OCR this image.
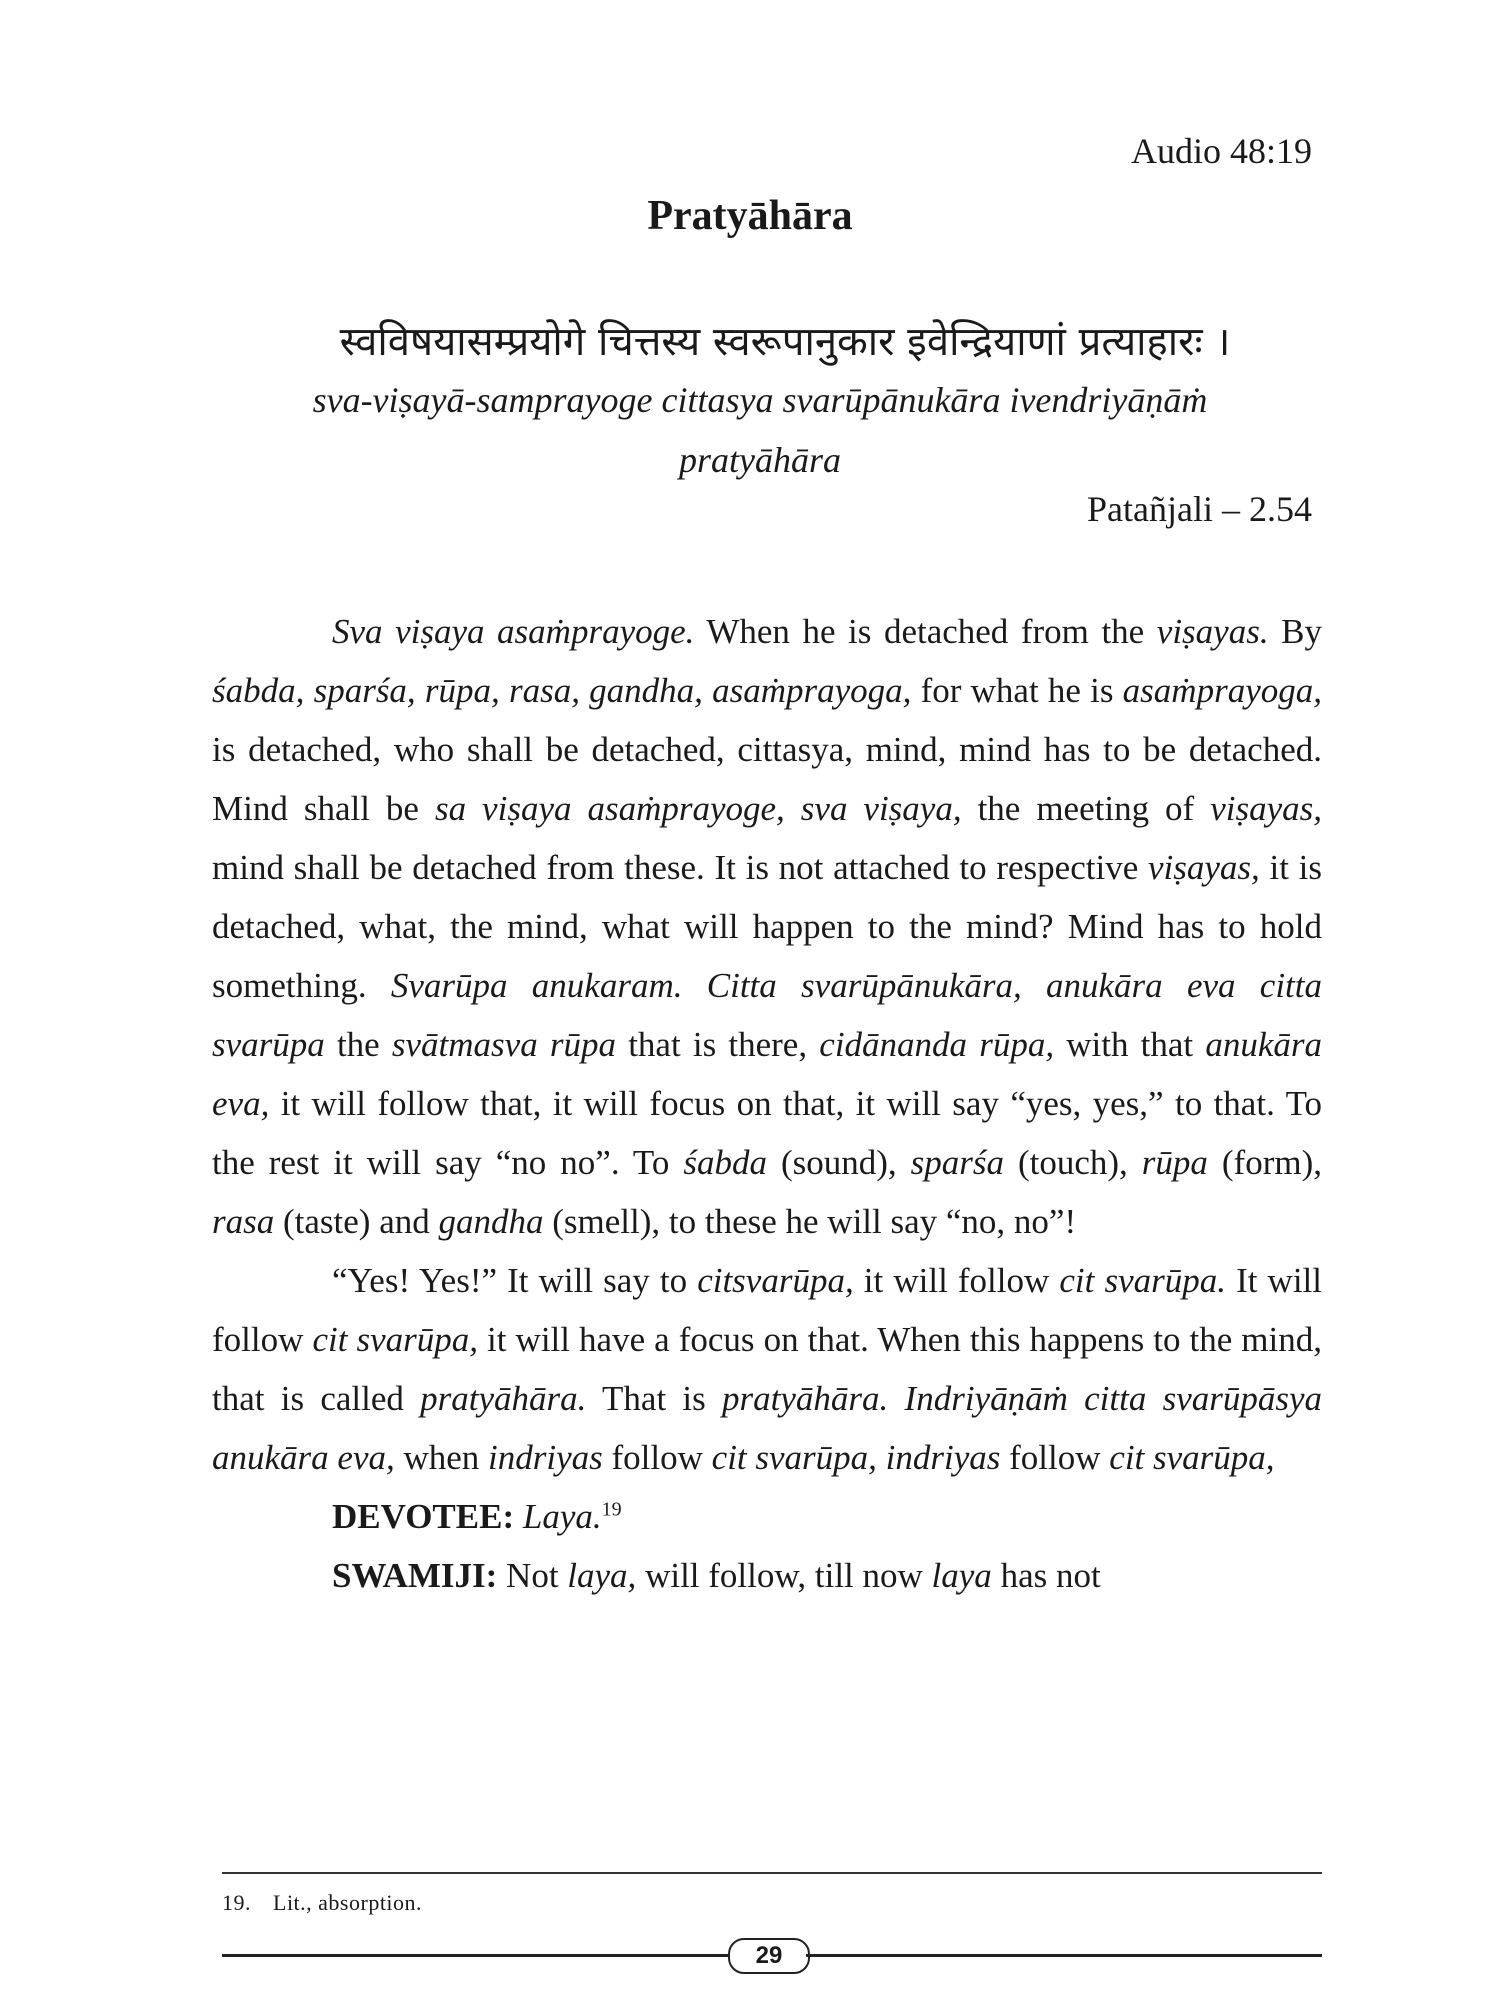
Audio 48:19
Pratyāhāra
स्वविषयासम्प्रयोगे चित्तस्य स्वरूपानुकार इवेन्द्रियाणां प्रत्याहारः ।
sva-viṣayā-samprayoge cittasya svarūpānukāra ivendriyāṇāṁ
pratyāhāra
Patañjali – 2.54

Sva viṣaya asaṁprayoge. When he is detached from the viṣayas. By śabda, sparśa, rūpa, rasa, gandha, asaṁprayoga, for what he is asaṁprayoga, is detached, who shall be detached, cittasya, mind, mind has to be detached. Mind shall be sa viṣaya asaṁprayoge, sva viṣaya, the meeting of viṣayas, mind shall be detached from these. It is not attached to respective viṣayas, it is detached, what, the mind, what will happen to the mind? Mind has to hold something. Svarūpa anukaram. Citta svarūpānukāra, anukāra eva citta svarūpa the svātmasva rūpa that is there, cidānanda rūpa, with that anukāra eva, it will follow that, it will focus on that, it will say “yes, yes,” to that. To the rest it will say “no no”. To śabda (sound), sparśa (touch), rūpa (form), rasa (taste) and gandha (smell), to these he will say “no, no”!

“Yes! Yes!” It will say to citsvarūpa, it will follow cit svarūpa. It will follow cit svarūpa, it will have a focus on that. When this happens to the mind, that is called pratyāhāra. That is pratyāhāra. Indriyāṇāṁ citta svarūpāsya anukāra eva, when indriyas follow cit svarūpa, indriyas follow cit svarūpa,

DEVOTEE: Laya.$^{19}$

SWAMIJI: Not laya, will follow, till now laya has not

19. Lit., absorption.
29
